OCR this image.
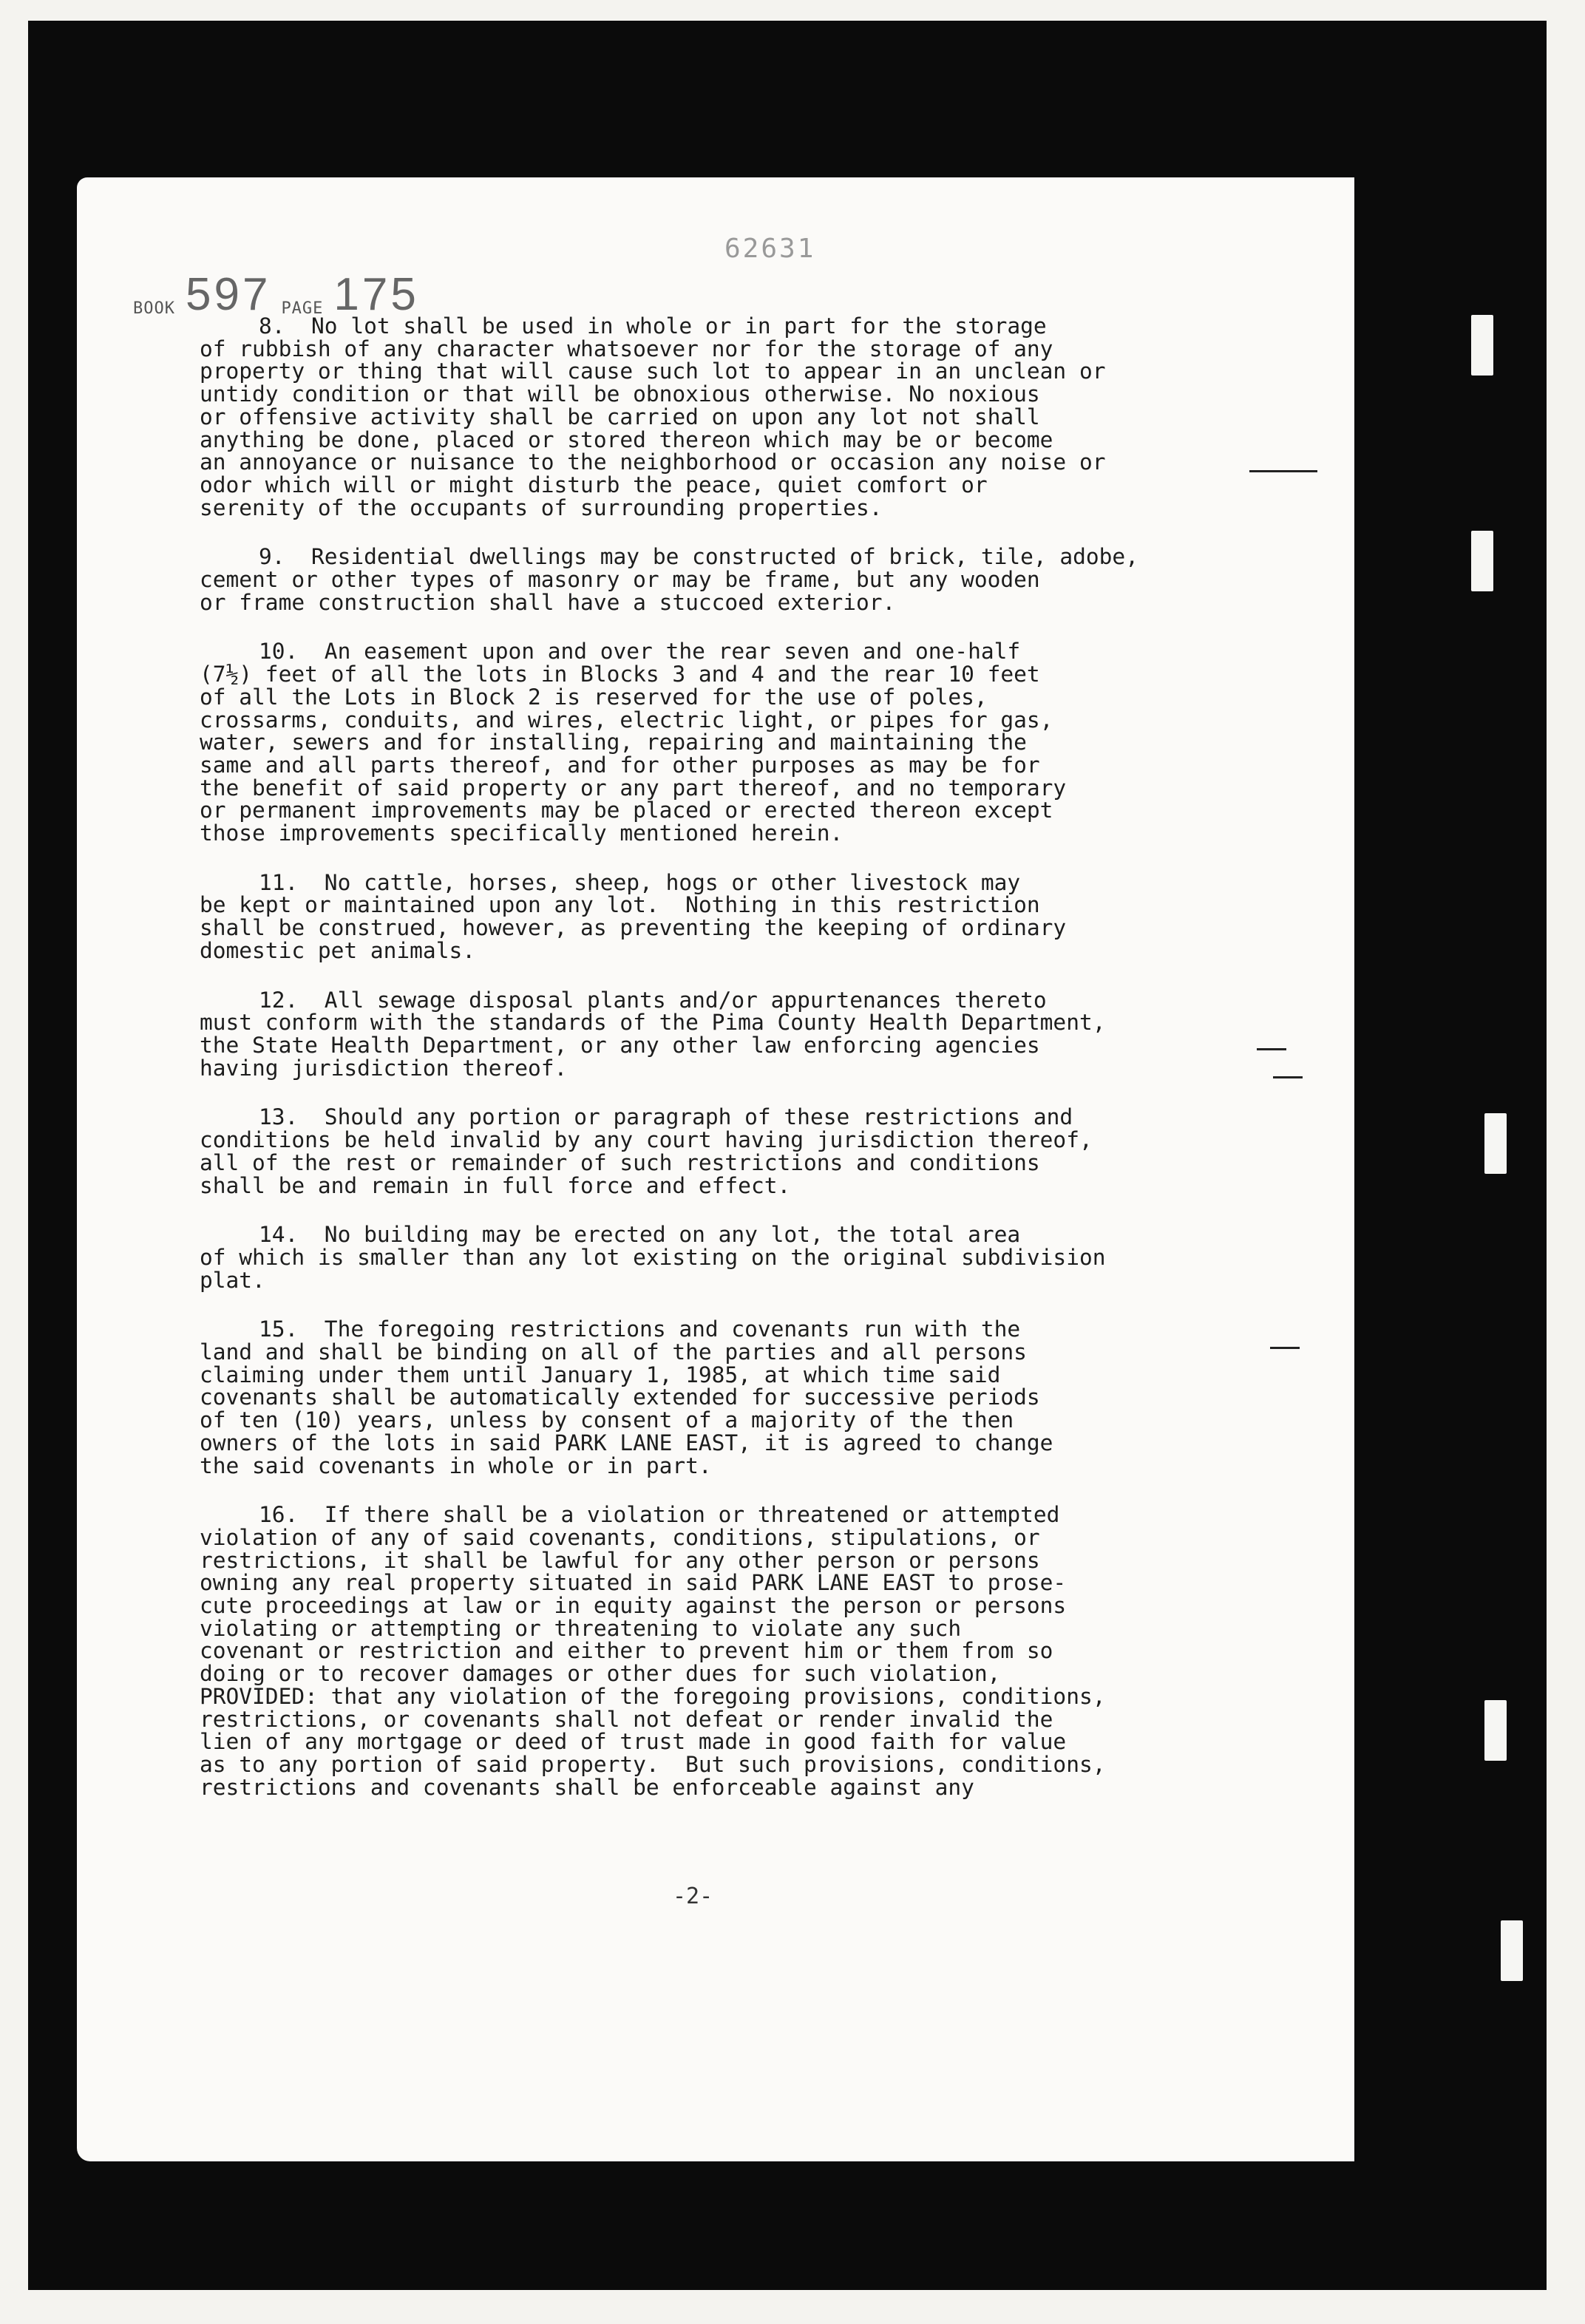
62631
BOOK 597 PAGE 175
8.  No lot shall be used in whole or in part for the storage
of rubbish of any character whatsoever nor for the storage of any
property or thing that will cause such lot to appear in an unclean or
untidy condition or that will be obnoxious otherwise. No noxious
or offensive activity shall be carried on upon any lot not shall
anything be done, placed or stored thereon which may be or become
an annoyance or nuisance to the neighborhood or occasion any noise or
odor which will or might disturb the peace, quiet comfort or
serenity of the occupants of surrounding properties.
9.  Residential dwellings may be constructed of brick, tile, adobe,
cement or other types of masonry or may be frame, but any wooden
or frame construction shall have a stuccoed exterior.
10.  An easement upon and over the rear seven and one-half
(7½) feet of all the lots in Blocks 3 and 4 and the rear 10 feet
of all the Lots in Block 2 is reserved for the use of poles,
crossarms, conduits, and wires, electric light, or pipes for gas,
water, sewers and for installing, repairing and maintaining the
same and all parts thereof, and for other purposes as may be for
the benefit of said property or any part thereof, and no temporary
or permanent improvements may be placed or erected thereon except
those improvements specifically mentioned herein.
11.  No cattle, horses, sheep, hogs or other livestock may
be kept or maintained upon any lot.  Nothing in this restriction
shall be construed, however, as preventing the keeping of ordinary
domestic pet animals.
12.  All sewage disposal plants and/or appurtenances thereto
must conform with the standards of the Pima County Health Department,
the State Health Department, or any other law enforcing agencies
having jurisdiction thereof.
13.  Should any portion or paragraph of these restrictions and
conditions be held invalid by any court having jurisdiction thereof,
all of the rest or remainder of such restrictions and conditions
shall be and remain in full force and effect.
14.  No building may be erected on any lot, the total area
of which is smaller than any lot existing on the original subdivision
plat.
15.  The foregoing restrictions and covenants run with the
land and shall be binding on all of the parties and all persons
claiming under them until January 1, 1985, at which time said
covenants shall be automatically extended for successive periods
of ten (10) years, unless by consent of a majority of the then
owners of the lots in said PARK LANE EAST, it is agreed to change
the said covenants in whole or in part.
16.  If there shall be a violation or threatened or attempted
violation of any of said covenants, conditions, stipulations, or
restrictions, it shall be lawful for any other person or persons
owning any real property situated in said PARK LANE EAST to prose-
cute proceedings at law or in equity against the person or persons
violating or attempting or threatening to violate any such
covenant or restriction and either to prevent him or them from so
doing or to recover damages or other dues for such violation,
PROVIDED: that any violation of the foregoing provisions, conditions,
restrictions, or covenants shall not defeat or render invalid the
lien of any mortgage or deed of trust made in good faith for value
as to any portion of said property.  But such provisions, conditions,
restrictions and covenants shall be enforceable against any
-2-
